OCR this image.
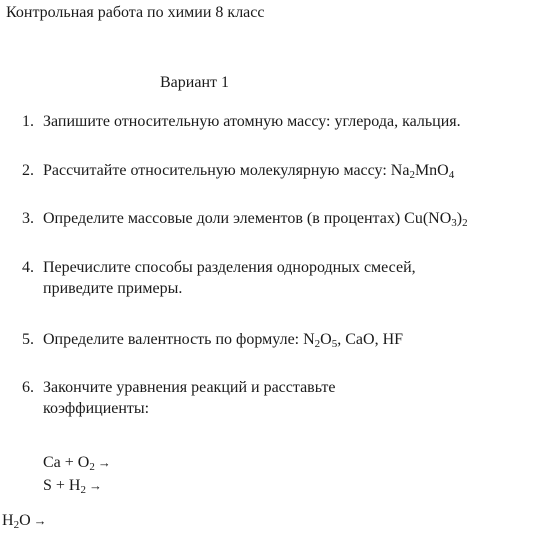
Контрольная работа по химии 8 класс
Вариант 1
1. Запишите относительную атомную массу: углерода, кальция.
2. Рассчитайте относительную молекулярную массу: $Na_2MnO_4$
3. Определите массовые доли элементов (в процентах) $Cu(NO_3)_2$
4. Перечислите способы разделения однородных смесей,
приведите примеры.
5. Определите валентность по формуле: $N_2O_5$, CaO, HF
6. Закончите уравнения реакций и расставьте
коэффициенты:
$Ca + O_2$ →
$S + H_2$ →
$H_2O$ →
